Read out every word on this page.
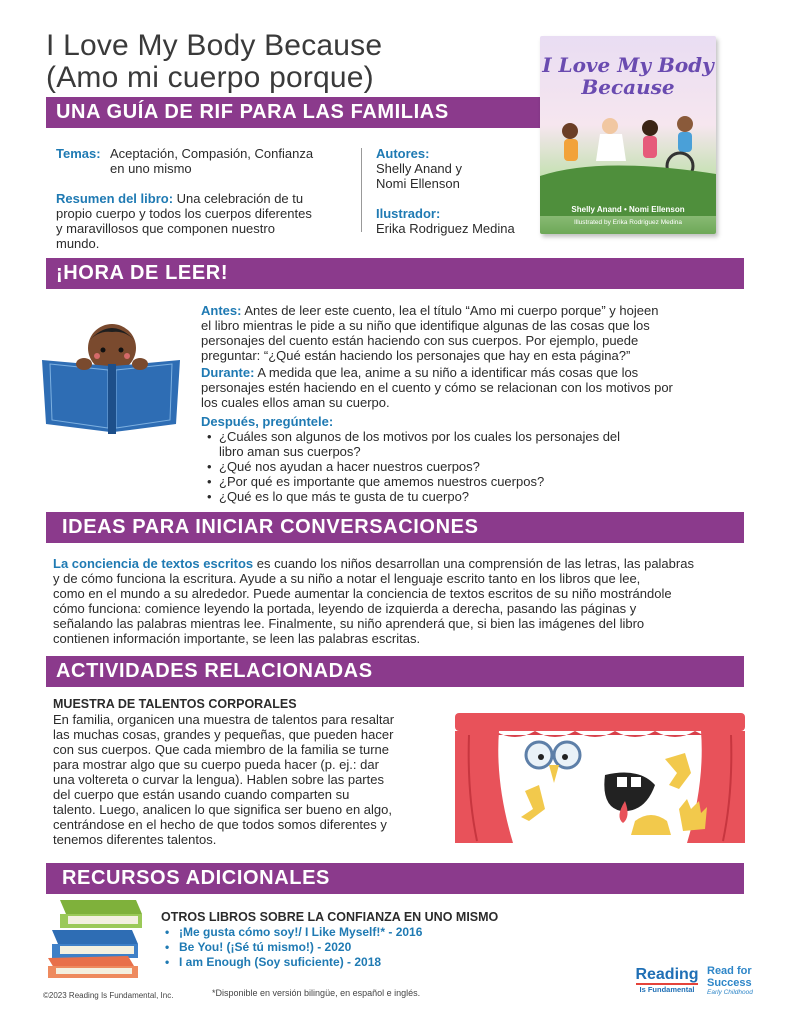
I Love My Body Because
(Amo mi cuerpo porque)
UNA GUÍA DE RIF PARA LAS FAMILIAS
I Love My Body
Because
Shelly Anand • Nomi Ellenson
Illustrated by Erika Rodriguez Medina
Temas: Aceptación, Compasión, Confianza
en uno mismo
Resumen del libro: Una celebración de tu
propio cuerpo y todos los cuerpos diferentes
y maravillosos que componen nuestro
mundo.
Autores:
Shelly Anand y
Nomi Ellenson
Ilustrador:
Erika Rodriguez Medina
¡HORA DE LEER!
Antes: Antes de leer este cuento, lea el título “Amo mi cuerpo porque” y hojeen
el libro mientras le pide a su niño que identifique algunas de las cosas que los
personajes del cuento están haciendo con sus cuerpos. Por ejemplo, puede
preguntar: “¿Qué están haciendo los personajes que hay en esta página?”
Durante: A medida que lea, anime a su niño a identificar más cosas que los
personajes estén haciendo en el cuento y cómo se relacionan con los motivos por
los cuales ellos aman su cuerpo.
Después, pregúntele:
• ¿Cuáles son algunos de los motivos por los cuales los personajes del
libro aman sus cuerpos?
• ¿Qué nos ayudan a hacer nuestros cuerpos?
• ¿Por qué es importante que amemos nuestros cuerpos?
• ¿Qué es lo que más te gusta de tu cuerpo?
IDEAS PARA INICIAR CONVERSACIONES
La conciencia de textos escritos es cuando los niños desarrollan una comprensión de las letras, las palabras
y de cómo funciona la escritura. Ayude a su niño a notar el lenguaje escrito tanto en los libros que lee,
como en el mundo a su alrededor. Puede aumentar la conciencia de textos escritos de su niño mostrándole
cómo funciona: comience leyendo la portada, leyendo de izquierda a derecha, pasando las páginas y
señalando las palabras mientras lee. Finalmente, su niño aprenderá que, si bien las imágenes del libro
contienen información importante, se leen las palabras escritas.
ACTIVIDADES RELACIONADAS
MUESTRA DE TALENTOS CORPORALES
En familia, organicen una muestra de talentos para resaltar
las muchas cosas, grandes y pequeñas, que pueden hacer
con sus cuerpos. Que cada miembro de la familia se turne
para mostrar algo que su cuerpo pueda hacer (p. ej.: dar
una voltereta o curvar la lengua). Hablen sobre las partes
del cuerpo que están usando cuando comparten su
talento. Luego, analicen lo que significa ser bueno en algo,
centrándose en el hecho de que todos somos diferentes y
tenemos diferentes talentos.
RECURSOS ADICIONALES
OTROS LIBROS SOBRE LA CONFIANZA EN UNO MISMO
• ¡Me gusta cómo soy!/ I Like Myself!* - 2016
• Be You! (¡Sé tú mismo!) - 2020
• I am Enough (Soy suficiente) - 2018
©2023 Reading Is Fundamental, Inc.	*Disponible en versión bilingüe, en español e inglés.
Reading
Is Fundamental
Read for
Success
Early Childhood
